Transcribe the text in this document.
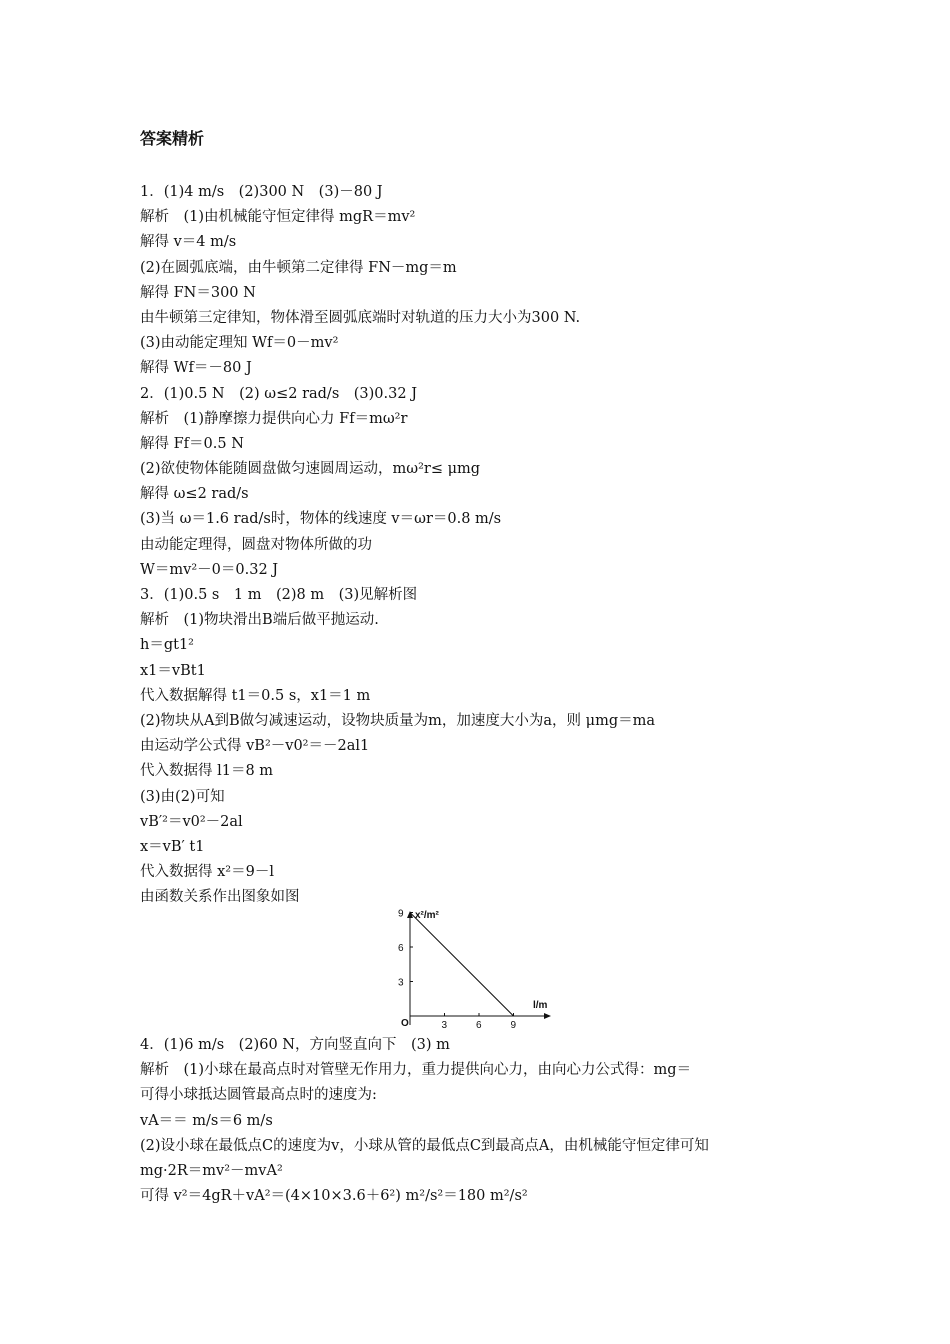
答案精析
1．(1)4 m/s　(2)300 N　(3)－80 J
解析　(1)由机械能守恒定律得 mgR＝mv²
解得 v＝4 m/s
(2)在圆弧底端，由牛顿第二定律得 FN－mg＝m
解得 FN＝300 N
由牛顿第三定律知，物体滑至圆弧底端时对轨道的压力大小为300 N.
(3)由动能定理知 Wf＝0－mv²
解得 Wf＝－80 J
2．(1)0.5 N　(2) ω≤2 rad/s　(3)0.32 J
解析　(1)静摩擦力提供向心力 Ff＝mω²r
解得 Ff＝0.5 N
(2)欲使物体能随圆盘做匀速圆周运动，mω²r≤ μmg
解得 ω≤2 rad/s
(3)当 ω＝1.6 rad/s时，物体的线速度 v＝ωr＝0.8 m/s
由动能定理得，圆盘对物体所做的功
W＝mv²－0＝0.32 J
3．(1)0.5 s　1 m　(2)8 m　(3)见解析图
解析　(1)物块滑出B端后做平抛运动.
h＝gt1²
x1＝vBt1
代入数据解得 t1＝0.5 s，x1＝1 m
(2)物块从A到B做匀减速运动，设物块质量为m，加速度大小为a，则 μmg＝ma
由运动学公式得 vB²－v0²＝－2al1
代入数据得 l1＝8 m
(3)由(2)可知
vB′²＝v0²－2al
x＝vB′ t1
代入数据得 x²＝9－l
由函数关系作出图象如图
x²/m²
l/m
O
3
6
9
3	6	9
4．(1)6 m/s　(2)60 N，方向竖直向下　(3) m
解析　(1)小球在最高点时对管壁无作用力，重力提供向心力，由向心力公式得：mg＝
可得小球抵达圆管最高点时的速度为:
vA＝＝ m/s＝6 m/s
(2)设小球在最低点C的速度为v，小球从管的最低点C到最高点A，由机械能守恒定律可知
mg·2R＝mv²－mvA²
可得 v²＝4gR＋vA²＝(4×10×3.6＋6²) m²/s²＝180 m²/s²
